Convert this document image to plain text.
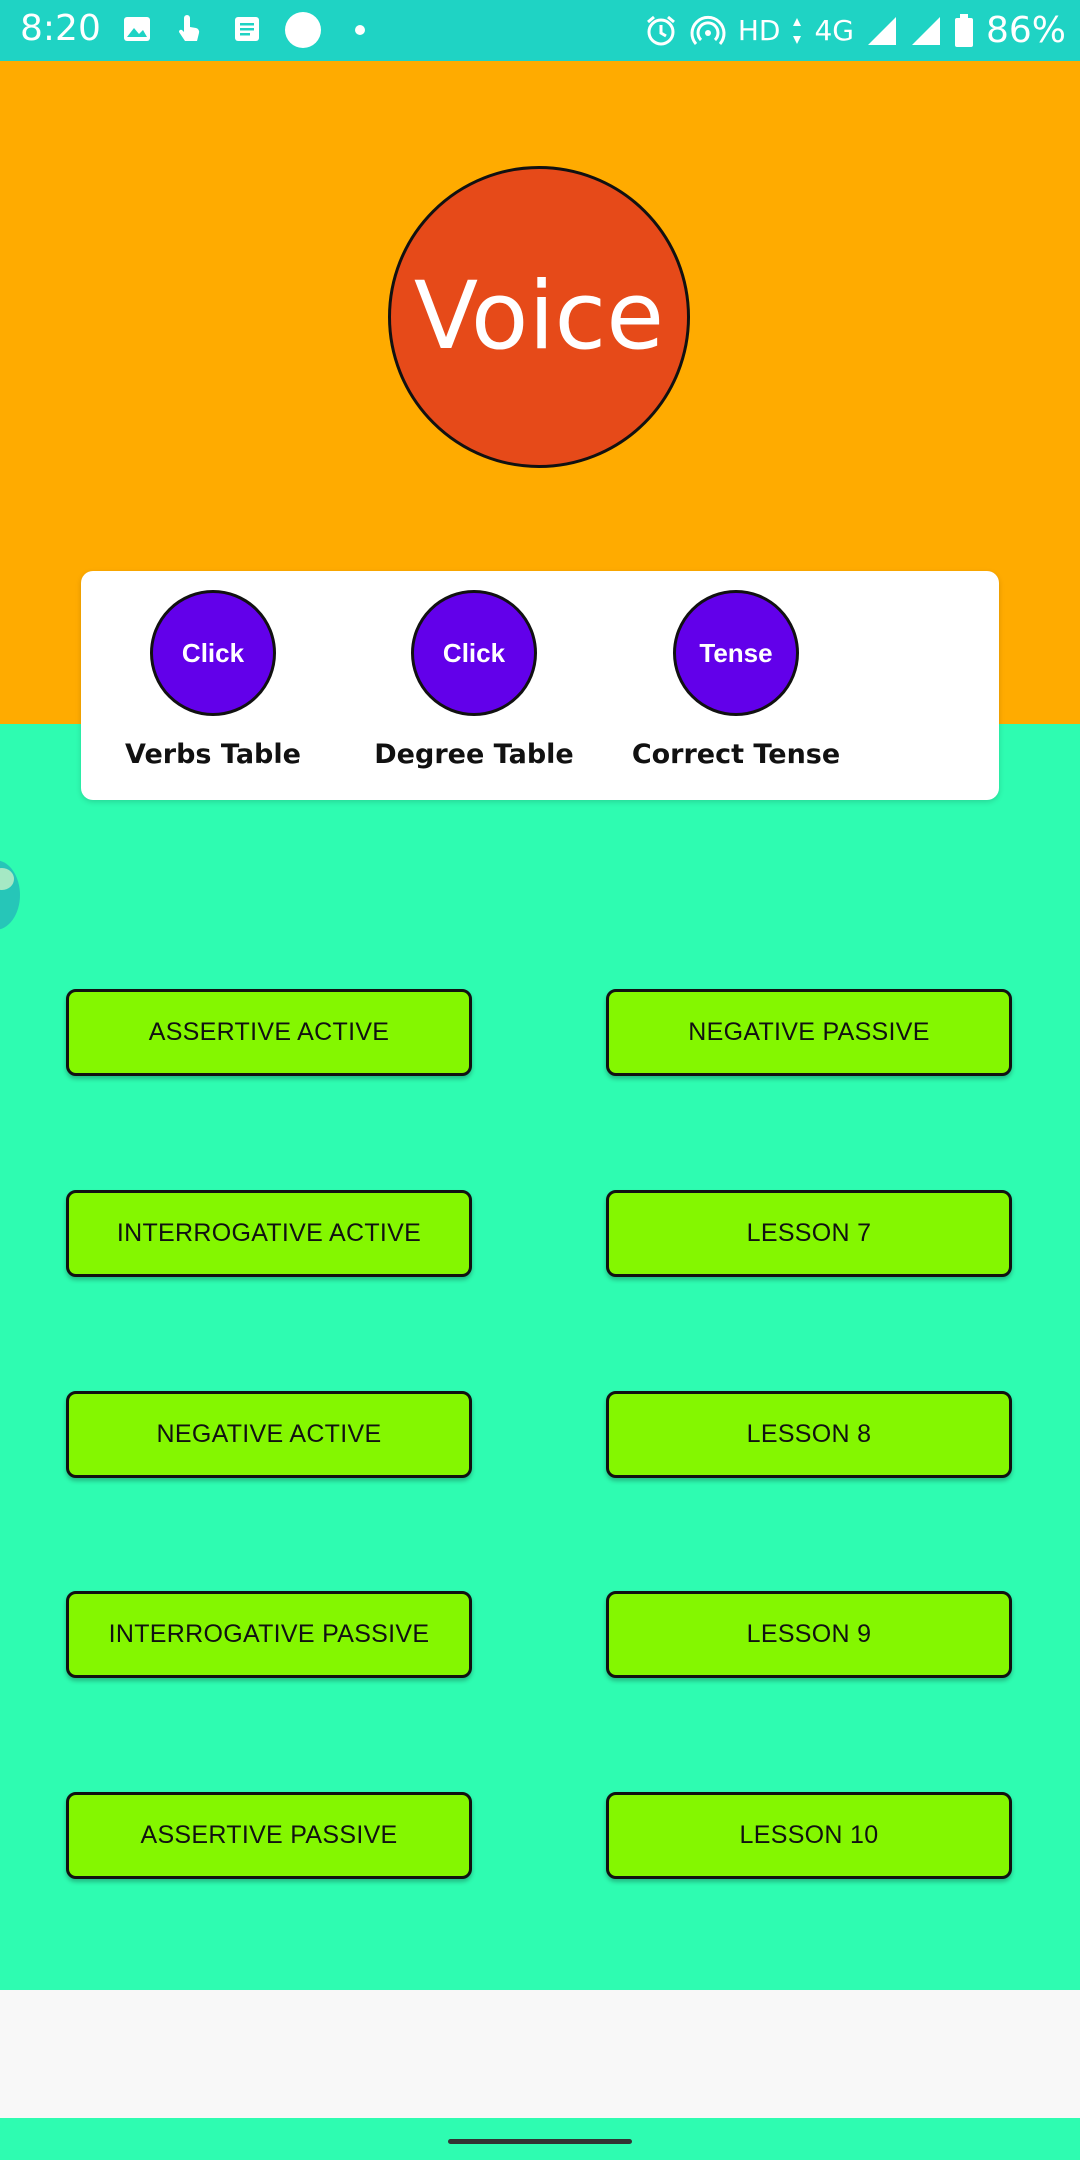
8:20	HD 4G	86%
Voice
Click
Verbs Table
Click
Degree Table
Tense
Correct Tense
ASSERTIVE ACTIVE	NEGATIVE PASSIVE
INTERROGATIVE ACTIVE	LESSON 7
NEGATIVE ACTIVE	LESSON 8
INTERROGATIVE PASSIVE	LESSON 9
ASSERTIVE PASSIVE	LESSON 10
